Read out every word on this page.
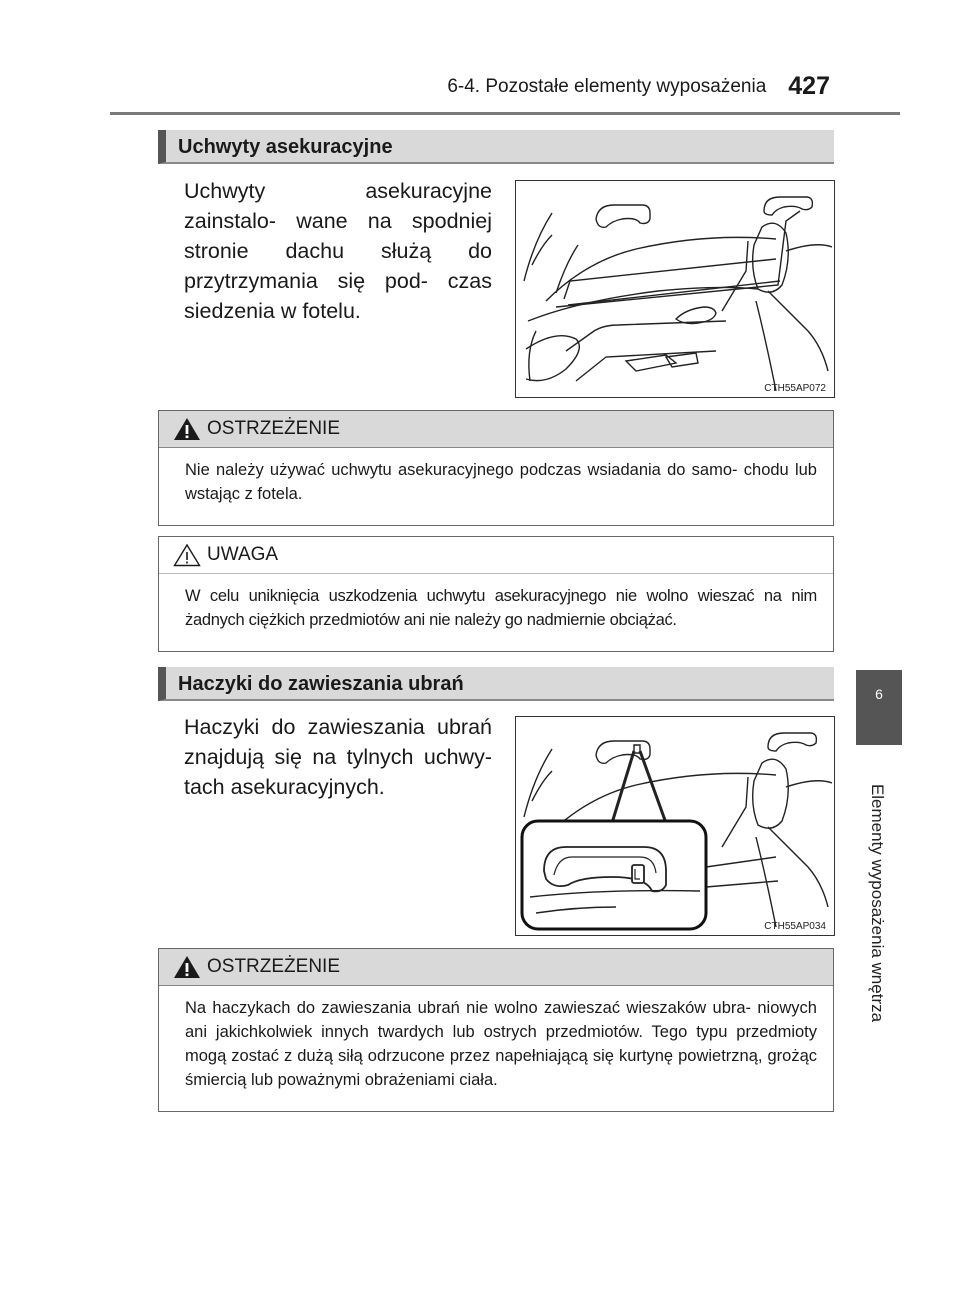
6-4. Pozostałe elementy wyposażenia 427
Uchwyty asekuracyjne
Uchwyty asekuracyjne zainstalo- wane na spodniej stronie dachu służą do przytrzymania się pod- czas siedzenia w fotelu.
CTH55AP072
OSTRZEŻENIE
Nie należy używać uchwytu asekuracyjnego podczas wsiadania do samo- chodu lub wstając z fotela.
UWAGA
W celu uniknięcia uszkodzenia uchwytu asekuracyjnego nie wolno wieszać na nim żadnych ciężkich przedmiotów ani nie należy go nadmiernie obciążać.
Haczyki do zawieszania ubrań
Haczyki do zawieszania ubrań znajdują się na tylnych uchwy- tach asekuracyjnych.
CTH55AP034
OSTRZEŻENIE
Na haczykach do zawieszania ubrań nie wolno zawieszać wieszaków ubra- niowych ani jakichkolwiek innych twardych lub ostrych przedmiotów. Tego typu przedmioty mogą zostać z dużą siłą odrzucone przez napełniającą się kurtynę powietrzną, grożąc śmiercią lub poważnymi obrażeniami ciała.
6
Elementy wyposażenia wnętrza
